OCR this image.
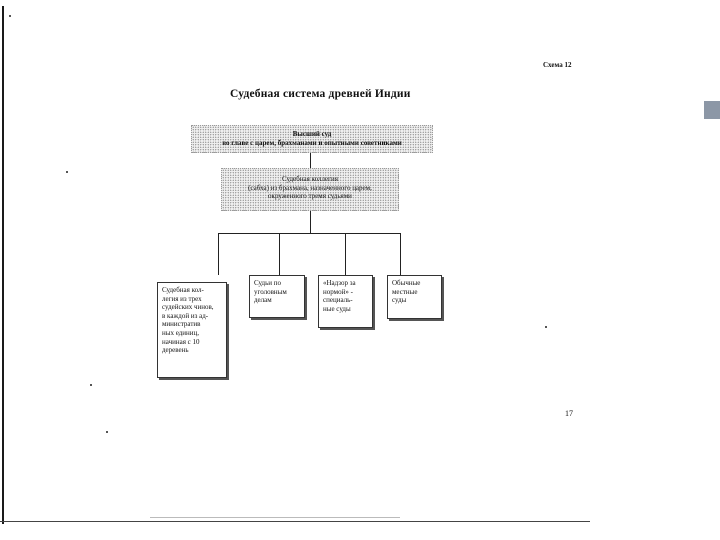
Схема 12
Судебная система древней Индии
Высший суд
во главе с царем, брахманами и опытными советниками
Судебная коллегия
(сабха) из брахмана, назначенного царем,
окруженного тремя судьями
Судебная кол-
легия из трех
судейских чинов,
в каждой из ад-
министратив
ных единиц,
начиная с 10
деревень
Судьи по
уголовным
делам
«Надзор за
нормой» -
специаль-
ные суды
Обычные
местные
суды
17
